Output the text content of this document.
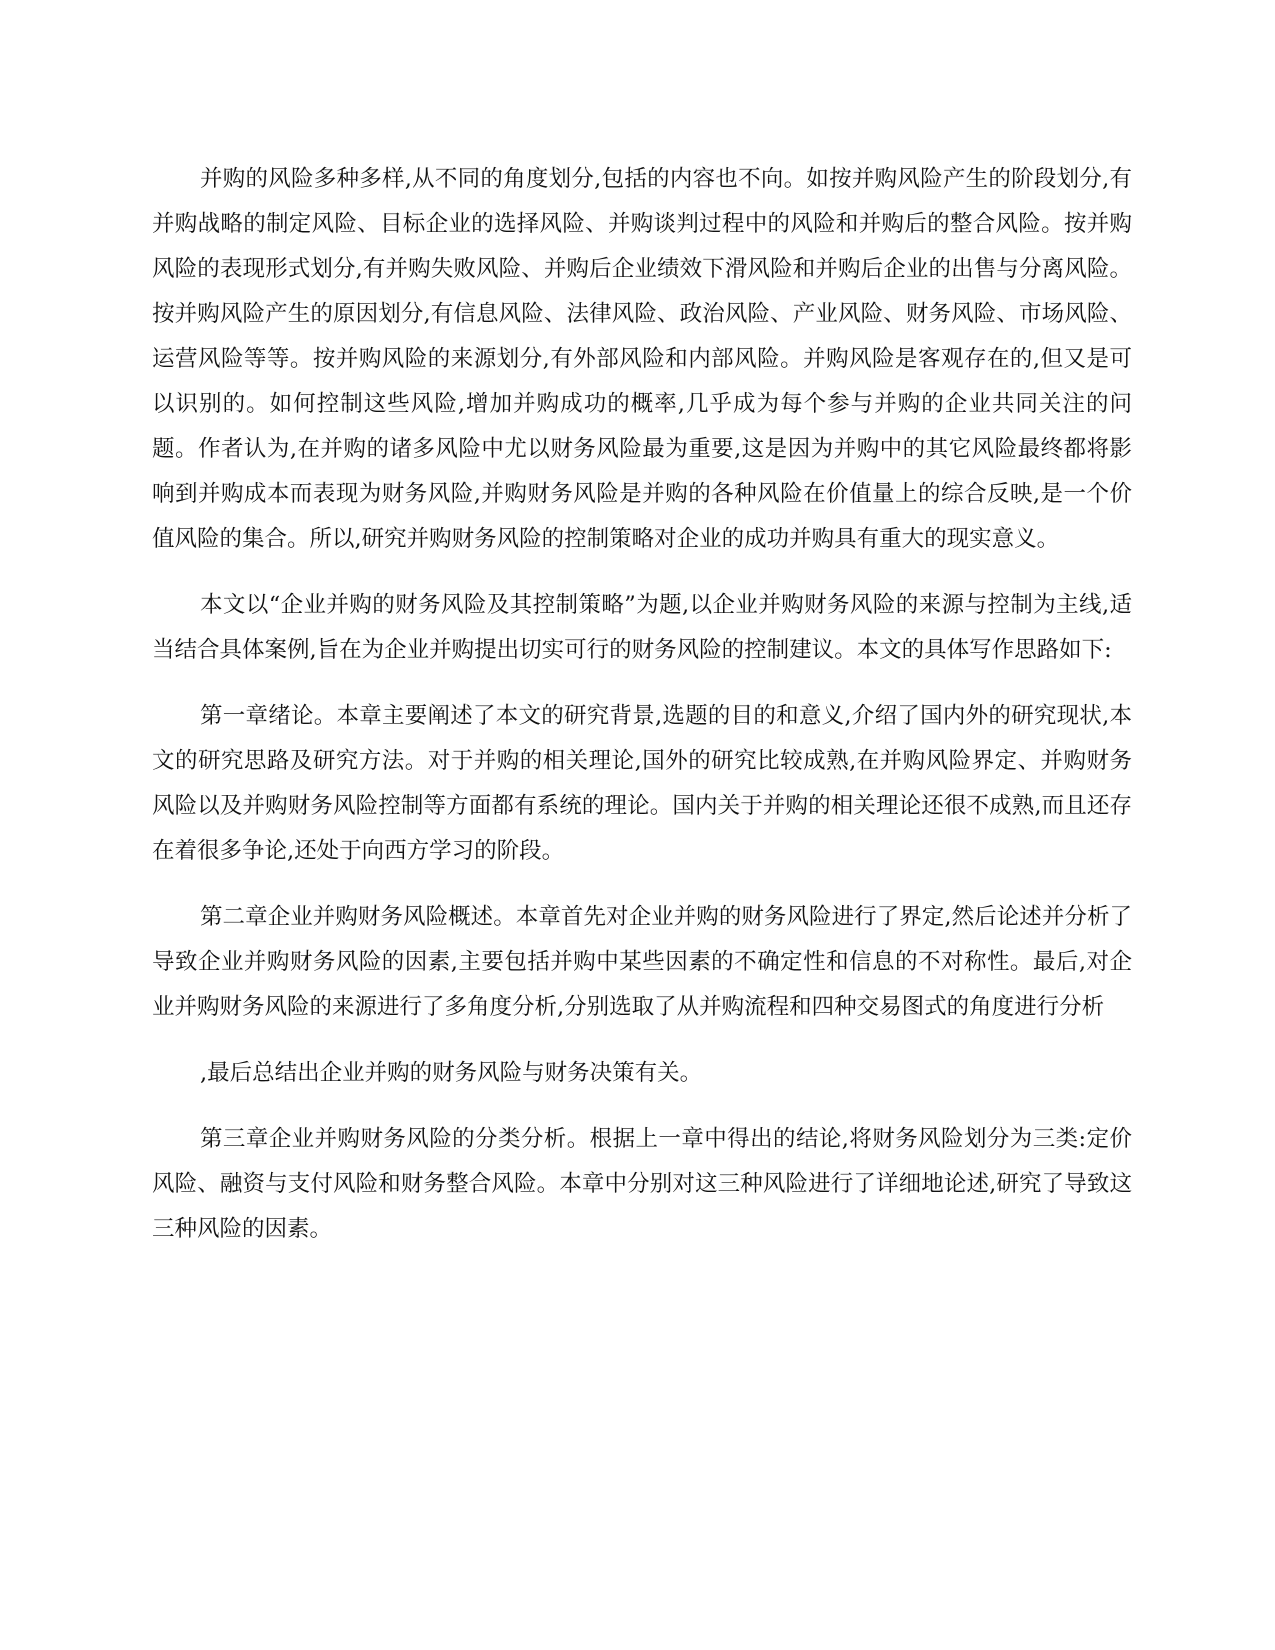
并购的风险多种多样,从不同的角度划分,包括的内容也不向。如按并购风险产生的阶段划分,有并购战略的制定风险、目标企业的选择风险、并购谈判过程中的风险和并购后的整合风险。按并购风险的表现形式划分,有并购失败风险、并购后企业绩效下滑风险和并购后企业的出售与分离风险。按并购风险产生的原因划分,有信息风险、法律风险、政治风险、产业风险、财务风险、市场风险、运营风险等等。按并购风险的来源划分,有外部风险和内部风险。并购风险是客观存在的,但又是可以识别的。如何控制这些风险,增加并购成功的概率,几乎成为每个参与并购的企业共同关注的问题。作者认为,在并购的诸多风险中尤以财务风险最为重要,这是因为并购中的其它风险最终都将影响到并购成本而表现为财务风险,并购财务风险是并购的各种风险在价值量上的综合反映,是一个价值风险的集合。所以,研究并购财务风险的控制策略对企业的成功并购具有重大的现实意义。

本文以“企业并购的财务风险及其控制策略”为题,以企业并购财务风险的来源与控制为主线,适当结合具体案例,旨在为企业并购提出切实可行的财务风险的控制建议。本文的具体写作思路如下:

第一章绪论。本章主要阐述了本文的研究背景,选题的目的和意义,介绍了国内外的研究现状,本文的研究思路及研究方法。对于并购的相关理论,国外的研究比较成熟,在并购风险界定、并购财务风险以及并购财务风险控制等方面都有系统的理论。国内关于并购的相关理论还很不成熟,而且还存在着很多争论,还处于向西方学习的阶段。

第二章企业并购财务风险概述。本章首先对企业并购的财务风险进行了界定,然后论述并分析了导致企业并购财务风险的因素,主要包括并购中某些因素的不确定性和信息的不对称性。最后,对企业并购财务风险的来源进行了多角度分析,分别选取了从并购流程和四种交易图式的角度进行分析

,最后总结出企业并购的财务风险与财务决策有关。

第三章企业并购财务风险的分类分析。根据上一章中得出的结论,将财务风险划分为三类:定价风险、融资与支付风险和财务整合风险。本章中分别对这三种风险进行了详细地论述,研究了导致这三种风险的因素。
